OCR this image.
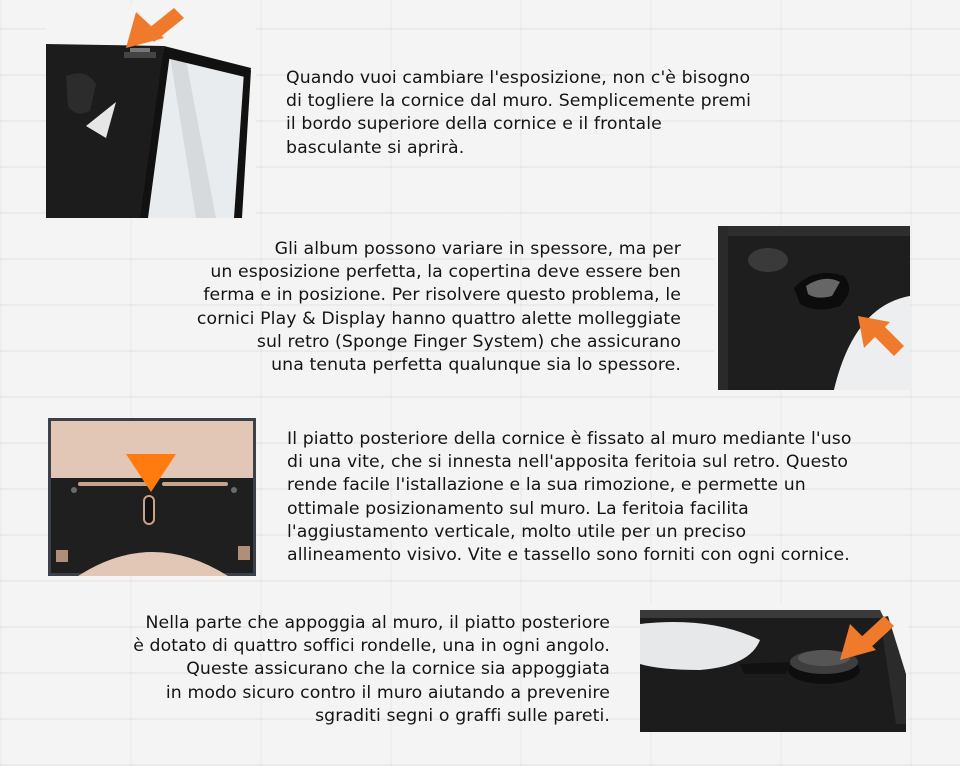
Quando vuoi cambiare l'esposizione, non c'è bisogno
di togliere la cornice dal muro. Semplicemente premi
il bordo superiore della cornice e il frontale
basculante si aprirà.

Gli album possono variare in spessore, ma per
un esposizione perfetta, la copertina deve essere ben
ferma e in posizione. Per risolvere questo problema, le
cornici Play & Display hanno quattro alette molleggiate
sul retro (Sponge Finger System) che assicurano
una tenuta perfetta qualunque sia lo spessore.

Il piatto posteriore della cornice è fissato al muro mediante l'uso
di una vite, che si innesta nell'apposita feritoia sul retro. Questo
rende facile l'istallazione e la sua rimozione, e permette un
ottimale posizionamento sul muro. La feritoia facilita
l'aggiustamento verticale, molto utile per un preciso
allineamento visivo. Vite e tassello sono forniti con ogni cornice.

Nella parte che appoggia al muro, il piatto posteriore
è dotato di quattro soffici rondelle, una in ogni angolo.
Queste assicurano che la cornice sia appoggiata
in modo sicuro contro il muro aiutando a prevenire
sgraditi segni o graffi sulle pareti.
